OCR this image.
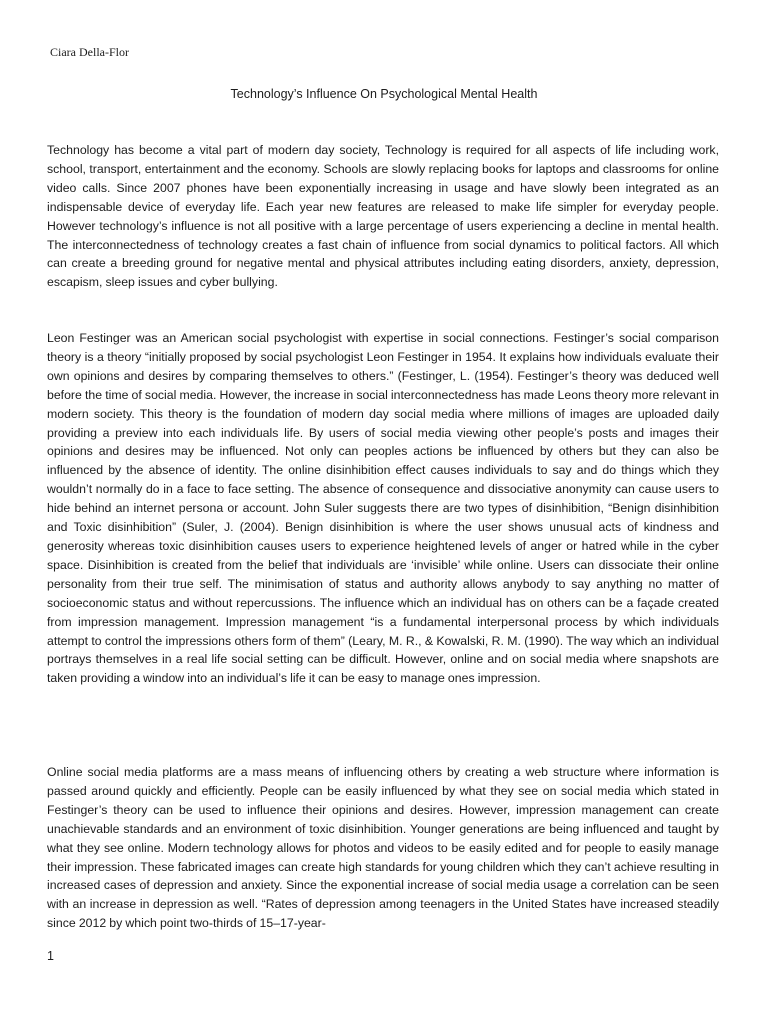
Ciara Della-Flor
Technology’s Influence On Psychological Mental Health

Technology has become a vital part of modern day society, Technology is required for all aspects of life including work, school, transport, entertainment and the economy. Schools are slowly replacing books for laptops and classrooms for online video calls. Since 2007 phones have been exponentially increasing in usage and have slowly been integrated as an indispensable device of everyday life. Each year new features are released to make life simpler for everyday people. However technology’s influence is not all positive with a large percentage of users experiencing a decline in mental health. The interconnectedness of technology creates a fast chain of influence from social dynamics to political factors. All which can create a breeding ground for negative mental and physical attributes including eating disorders, anxiety, depression, escapism, sleep issues and cyber bullying.

Leon Festinger was an American social psychologist with expertise in social connections. Festinger’s social comparison theory is a theory “initially proposed by social psychologist Leon Festinger in 1954. It explains how individuals evaluate their own opinions and desires by comparing themselves to others.” (Festinger, L. (1954). Festinger’s theory was deduced well before the time of social media. However, the increase in social interconnectedness has made Leons theory more relevant in modern society. This theory is the foundation of modern day social media where millions of images are uploaded daily providing a preview into each individuals life. By users of social media viewing other people’s posts and images their opinions and desires may be influenced. Not only can peoples actions be influenced by others but they can also be influenced by the absence of identity. The online disinhibition effect causes individuals to say and do things which they wouldn’t normally do in a face to face setting. The absence of consequence and dissociative anonymity can cause users to hide behind an internet persona or account. John Suler suggests there are two types of disinhibition, “Benign disinhibition and Toxic disinhibition” (Suler, J. (2004). Benign disinhibition is where the user shows unusual acts of kindness and generosity whereas toxic disinhibition causes users to experience heightened levels of anger or hatred while in the cyber space. Disinhibition is created from the belief that individuals are ‘invisible’ while online. Users can dissociate their online personality from their true self. The minimisation of status and authority allows anybody to say anything no matter of socioeconomic status and without repercussions. The influence which an individual has on others can be a façade created from impression management. Impression management “is a fundamental interpersonal process by which individuals attempt to control the impressions others form of them” (Leary, M. R., & Kowalski, R. M. (1990). The way which an individual portrays themselves in a real life social setting can be difficult. However, online and on social media where snapshots are taken providing a window into an individual’s life it can be easy to manage ones impression.

Online social media platforms are a mass means of influencing others by creating a web structure where information is passed around quickly and efficiently. People can be easily influenced by what they see on social media which stated in Festinger’s theory can be used to influence their opinions and desires. However, impression management can create unachievable standards and an environment of toxic disinhibition. Younger generations are being influenced and taught by what they see online. Modern technology allows for photos and videos to be easily edited and for people to easily manage their impression. These fabricated images can create high standards for young children which they can’t achieve resulting in increased cases of depression and anxiety. Since the exponential increase of social media usage a correlation can be seen with an increase in depression as well. “Rates of depression among teenagers in the United States have increased steadily since 2012 by which point two-thirds of 15–17-year-

1
